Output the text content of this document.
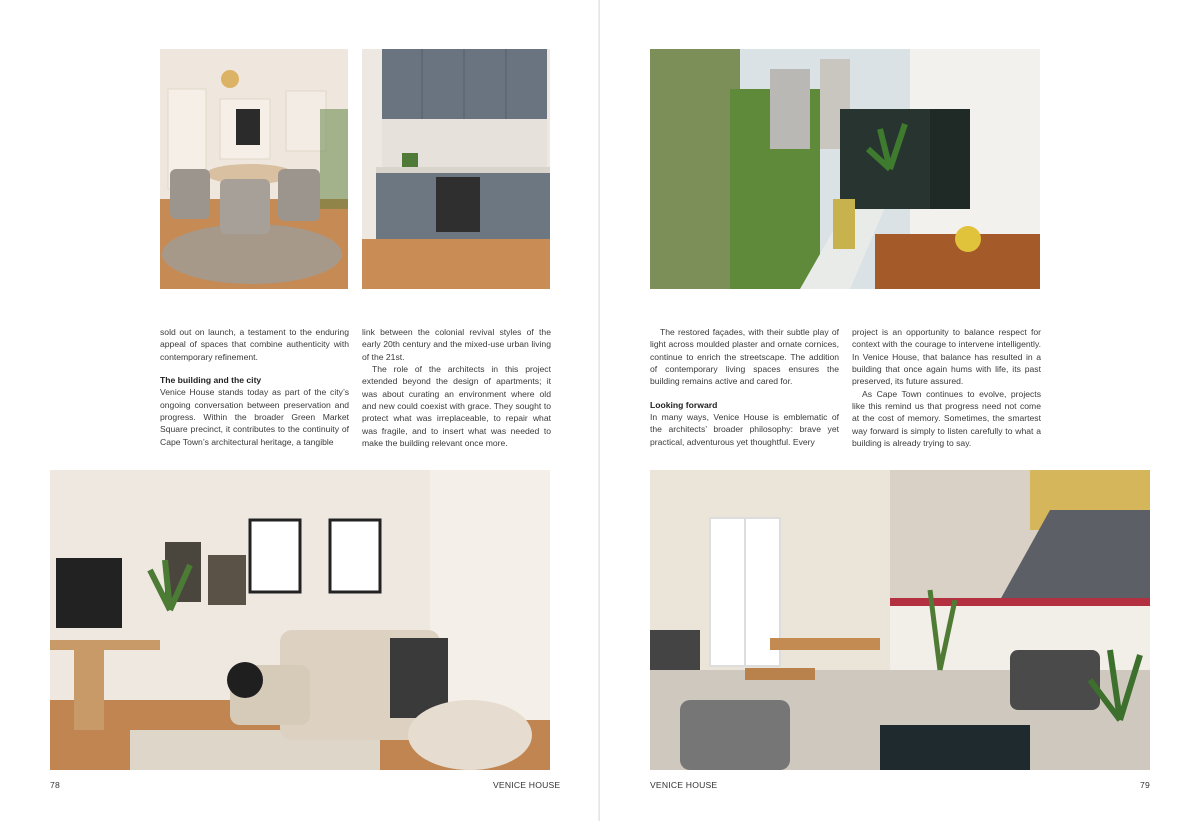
sold out on launch, a testament to the enduring appeal of spaces that combine authenticity with contemporary refinement.

The building and the city

Venice House stands today as part of the city’s ongoing conversation between preservation and progress. Within the broader Green Market Square precinct, it contributes to the continuity of Cape Town’s architectural heritage, a tangible

link between the colonial revival styles of the early 20th century and the mixed-use urban living of the 21st.

The role of the architects in this project extended beyond the design of apartments; it was about curating an environment where old and new could coexist with grace. They sought to protect what was irreplaceable, to repair what was fragile, and to insert what was needed to make the building relevant once more.

78	VENICE HOUSE

The restored façades, with their subtle play of light across moulded plaster and ornate cornices, continue to enrich the streetscape. The addition of contemporary living spaces ensures the building remains active and cared for.

Looking forward

In many ways, Venice House is emblematic of the architects’ broader philosophy: brave yet practical, adventurous yet thoughtful. Every

project is an opportunity to balance respect for context with the courage to intervene intelligently. In Venice House, that balance has resulted in a building that once again hums with life, its past preserved, its future assured.

As Cape Town continues to evolve, projects like this remind us that progress need not come at the cost of memory. Sometimes, the smartest way forward is simply to listen carefully to what a building is already trying to say.

VENICE HOUSE	79
